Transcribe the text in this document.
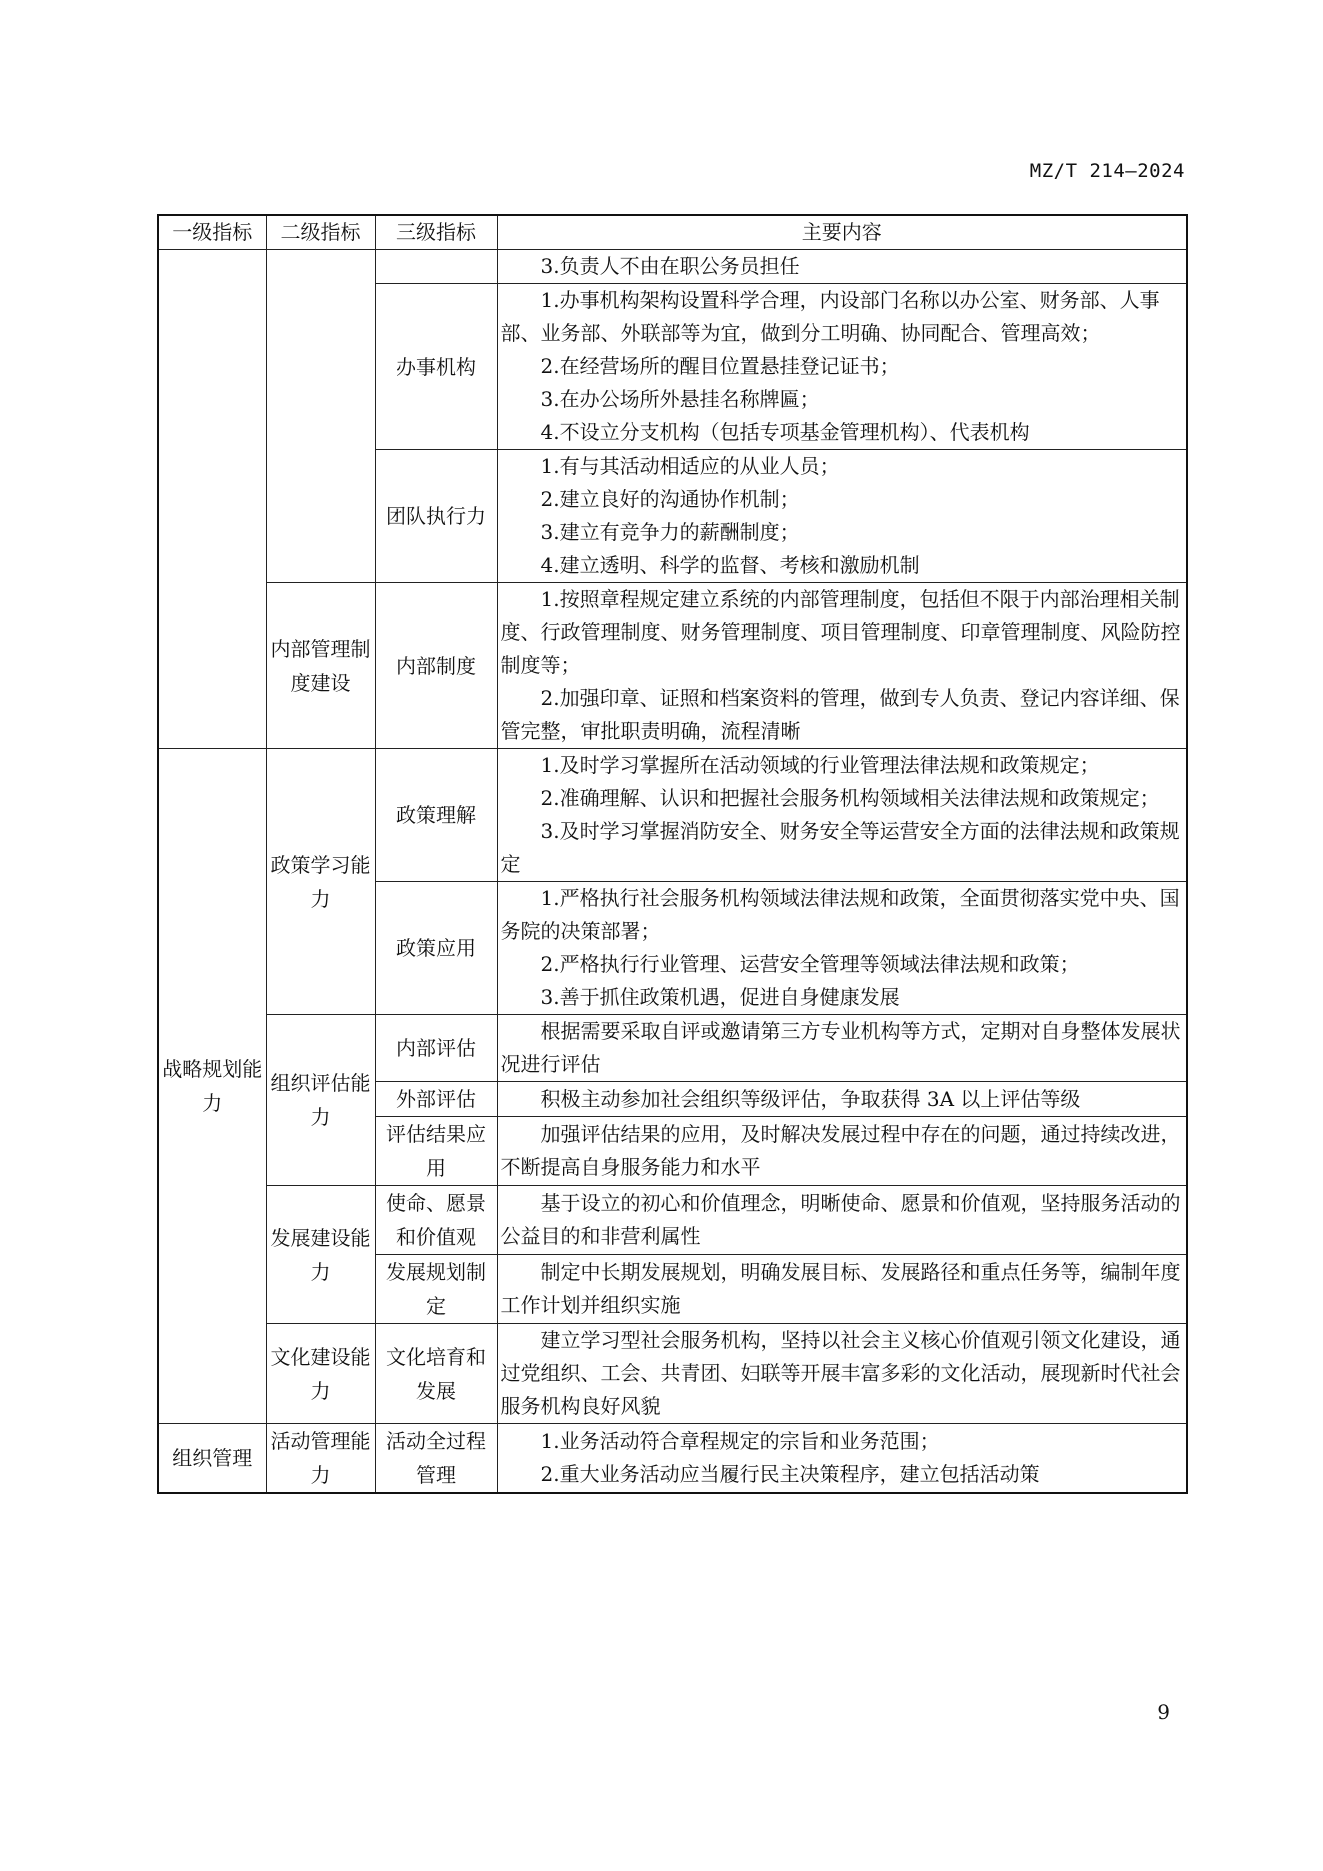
MZ/T 214—2024
一级指标	二级指标	三级指标	主要内容

			3.负责人不由在职公务员担任

		办事机构	1.办事机构架构设置科学合理，内设部门名称以办公室、财务部、人事部、业务部、外联部等为宜，做到分工明确、协同配合、管理高效；
2.在经营场所的醒目位置悬挂登记证书；
3.在办公场所外悬挂名称牌匾；
4.不设立分支机构（包括专项基金管理机构）、代表机构

		团队执行力	1.有与其活动相适应的从业人员；
2.建立良好的沟通协作机制；
3.建立有竞争力的薪酬制度；
4.建立透明、科学的监督、考核和激励机制

	内部管理制度建设	内部制度	1.按照章程规定建立系统的内部管理制度，包括但不限于内部治理相关制度、行政管理制度、财务管理制度、项目管理制度、印章管理制度、风险防控制度等；
2.加强印章、证照和档案资料的管理，做到专人负责、登记内容详细、保管完整，审批职责明确，流程清晰

战略规划能力	政策学习能力	政策理解	1.及时学习掌握所在活动领域的行业管理法律法规和政策规定；
2.准确理解、认识和把握社会服务机构领域相关法律法规和政策规定；
3.及时学习掌握消防安全、财务安全等运营安全方面的法律法规和政策规定

		政策应用	1.严格执行社会服务机构领域法律法规和政策，全面贯彻落实党中央、国务院的决策部署；
2.严格执行行业管理、运营安全管理等领域法律法规和政策；
3.善于抓住政策机遇，促进自身健康发展

	组织评估能力	内部评估	根据需要采取自评或邀请第三方专业机构等方式，定期对自身整体发展状况进行评估

		外部评估	积极主动参加社会组织等级评估，争取获得 3A 以上评估等级

		评估结果应用	加强评估结果的应用，及时解决发展过程中存在的问题，通过持续改进，不断提高自身服务能力和水平

	发展建设能力	使命、愿景和价值观	基于设立的初心和价值理念，明晰使命、愿景和价值观，坚持服务活动的公益目的和非营利属性

		发展规划制定	制定中长期发展规划，明确发展目标、发展路径和重点任务等，编制年度工作计划并组织实施

	文化建设能力	文化培育和发展	建立学习型社会服务机构，坚持以社会主义核心价值观引领文化建设，通过党组织、工会、共青团、妇联等开展丰富多彩的文化活动，展现新时代社会服务机构良好风貌

组织管理	活动管理能力	活动全过程管理	1.业务活动符合章程规定的宗旨和业务范围；
2.重大业务活动应当履行民主决策程序，建立包括活动策
9
